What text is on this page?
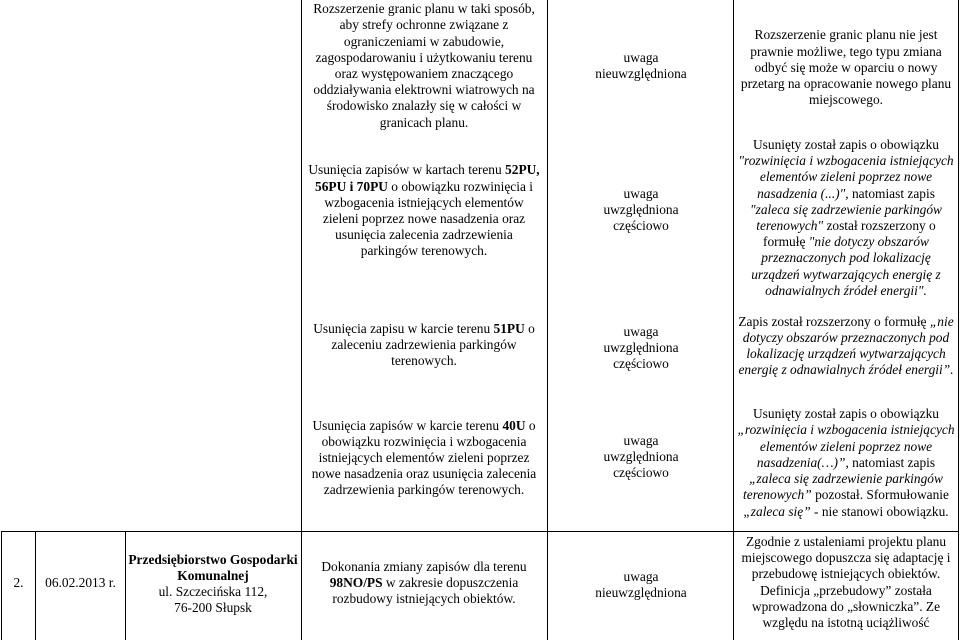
Rozszerzenie granic planu w taki sposób, aby strefy ochronne związane z ograniczeniami w zabudowie, zagospodarowaniu i użytkowaniu terenu oraz występowaniem znaczącego oddziaływania elektrowni wiatrowych na środowisko znalazły się w całości w granicach planu.
uwaga nieuwzględniona
Rozszerzenie granic planu nie jest prawnie możliwe, tego typu zmiana odbyć się może w oparciu o nowy przetarg na opracowanie nowego planu miejscowego.
Usunięcia zapisów w kartach terenu 52PU, 56PU i 70PU o obowiązku rozwinięcia i wzbogacenia istniejących elementów zieleni poprzez nowe nasadzenia oraz usunięcia zalecenia zadrzewienia parkingów terenowych.
uwaga uwzględniona częściowo
Usunięty został zapis o obowiązku "rozwinięcia i wzbogacenia istniejących elementów zieleni poprzez nowe nasadzenia (...)", natomiast zapis "zaleca się zadrzewienie parkingów terenowych" został rozszerzony o formułę "nie dotyczy obszarów przeznaczonych pod lokalizację urządzeń wytwarzających energię z odnawialnych źródeł energii".
Usunięcia zapisu w karcie terenu 51PU o zaleceniu zadrzewienia parkingów terenowych.
uwaga uwzględniona częściowo
Zapis został rozszerzony o formułę „nie dotyczy obszarów przeznaczonych pod lokalizację urządzeń wytwarzających energię z odnawialnych źródeł energii”.
Usunięcia zapisów w karcie terenu 40U o obowiązku rozwinięcia i wzbogacenia istniejących elementów zieleni poprzez nowe nasadzenia oraz usunięcia zalecenia zadrzewienia parkingów terenowych.
uwaga uwzględniona częściowo
Usunięty został zapis o obowiązku „rozwinięcia i wzbogacenia istniejących elementów zieleni poprzez nowe nasadzenia(…)”, natomiast zapis „zaleca się zadrzewienie parkingów terenowych” pozostał. Sformułowanie „zaleca się” - nie stanowi obowiązku.
2. 06.02.2013 r.
Przedsiębiorstwo Gospodarki Komunalnej
ul. Szczecińska 112,
76-200 Słupsk
Dokonania zmiany zapisów dla terenu 98NO/PS w zakresie dopuszczenia rozbudowy istniejących obiektów.
uwaga nieuwzględniona
Zgodnie z ustaleniami projektu planu miejscowego dopuszcza się adaptację i przebudowę istniejących obiektów. Definicja „przebudowy” została wprowadzona do „słowniczka”. Ze względu na istotną uciążliwość
